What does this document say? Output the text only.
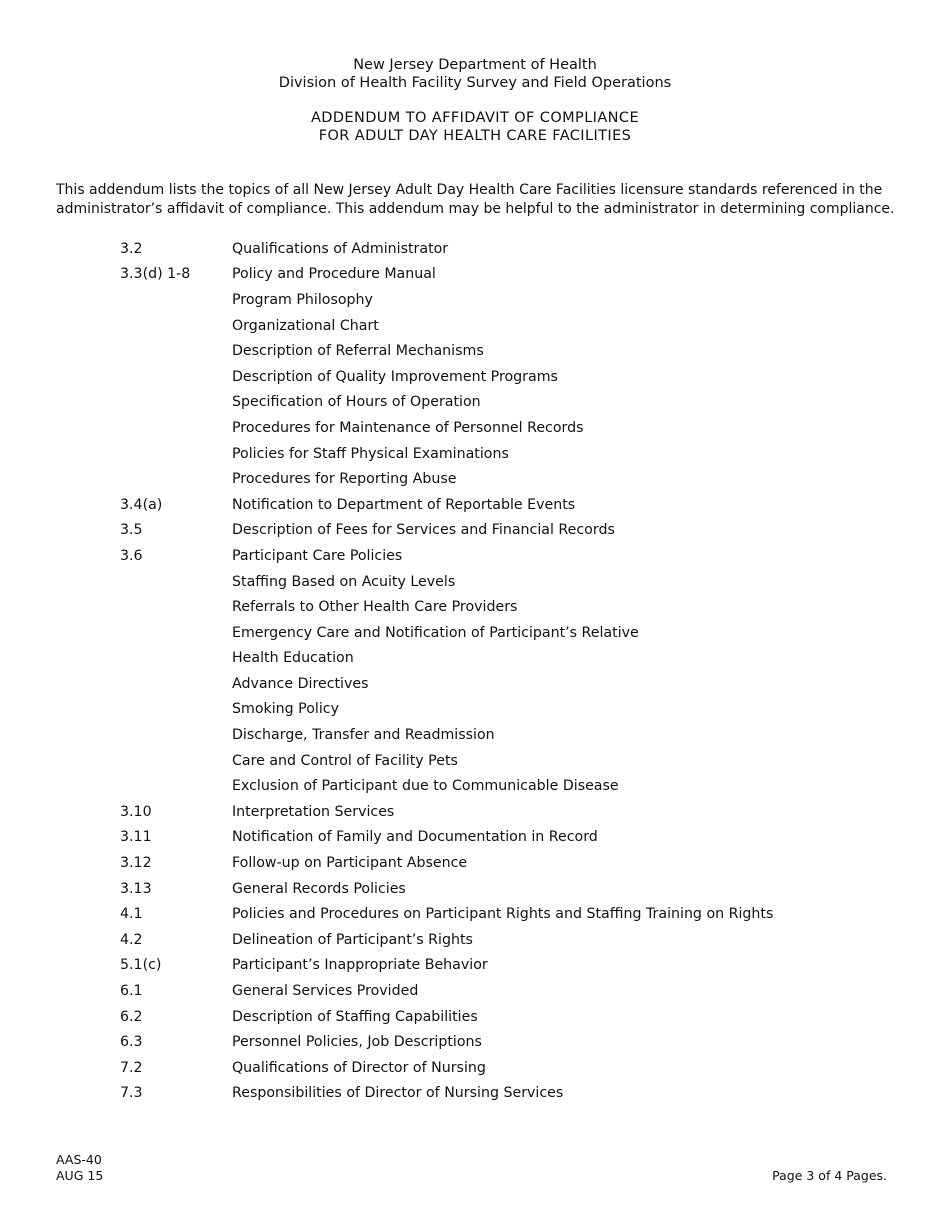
New Jersey Department of Health
Division of Health Facility Survey and Field Operations
ADDENDUM TO AFFIDAVIT OF COMPLIANCE
FOR ADULT DAY HEALTH CARE FACILITIES
This addendum lists the topics of all New Jersey Adult Day Health Care Facilities licensure standards referenced in the administrator’s affidavit of compliance. This addendum may be helpful to the administrator in determining compliance.
3.2	Qualifications of Administrator
3.3(d) 1-8	Policy and Procedure Manual
Program Philosophy
Organizational Chart
Description of Referral Mechanisms
Description of Quality Improvement Programs
Specification of Hours of Operation
Procedures for Maintenance of Personnel Records
Policies for Staff Physical Examinations
Procedures for Reporting Abuse
3.4(a)	Notification to Department of Reportable Events
3.5	Description of Fees for Services and Financial Records
3.6	Participant Care Policies
Staffing Based on Acuity Levels
Referrals to Other Health Care Providers
Emergency Care and Notification of Participant’s Relative
Health Education
Advance Directives
Smoking Policy
Discharge, Transfer and Readmission
Care and Control of Facility Pets
Exclusion of Participant due to Communicable Disease
3.10	Interpretation Services
3.11	Notification of Family and Documentation in Record
3.12	Follow-up on Participant Absence
3.13	General Records Policies
4.1	Policies and Procedures on Participant Rights and Staffing Training on Rights
4.2	Delineation of Participant’s Rights
5.1(c)	Participant’s Inappropriate Behavior
6.1	General Services Provided
6.2	Description of Staffing Capabilities
6.3	Personnel Policies, Job Descriptions
7.2	Qualifications of Director of Nursing
7.3	Responsibilities of Director of Nursing Services
AAS-40
AUG 15	Page 3 of 4 Pages.
